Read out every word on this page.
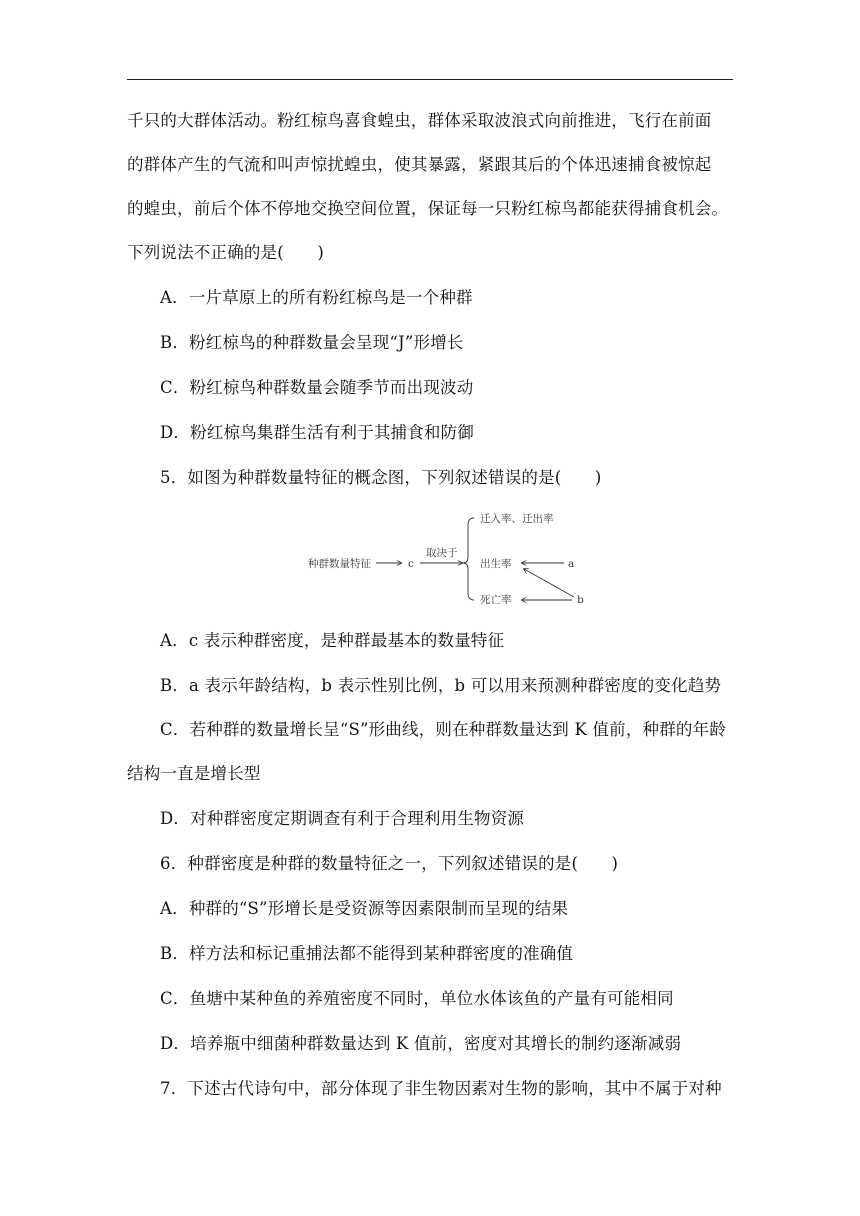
千只的大群体活动。粉红椋鸟喜食蝗虫，群体采取波浪式向前推进，飞行在前面
的群体产生的气流和叫声惊扰蝗虫，使其暴露，紧跟其后的个体迅速捕食被惊起
的蝗虫，前后个体不停地交换空间位置，保证每一只粉红椋鸟都能获得捕食机会。
下列说法不正确的是(　　)
A．一片草原上的所有粉红椋鸟是一个种群
B．粉红椋鸟的种群数量会呈现“J”形增长
C．粉红椋鸟种群数量会随季节而出现波动
D．粉红椋鸟集群生活有利于其捕食和防御
5．如图为种群数量特征的概念图，下列叙述错误的是(　　)
种群数量特征	c
取决于
迁入率、迁出率
出生率
死亡率
a
b
A．c 表示种群密度，是种群最基本的数量特征
B．a 表示年龄结构，b 表示性别比例，b 可以用来预测种群密度的变化趋势
C．若种群的数量增长呈“S”形曲线，则在种群数量达到 K 值前，种群的年龄
结构一直是增长型
D．对种群密度定期调查有利于合理利用生物资源
6．种群密度是种群的数量特征之一，下列叙述错误的是(　　)
A．种群的“S”形增长是受资源等因素限制而呈现的结果
B．样方法和标记重捕法都不能得到某种群密度的准确值
C．鱼塘中某种鱼的养殖密度不同时，单位水体该鱼的产量有可能相同
D．培养瓶中细菌种群数量达到 K 值前，密度对其增长的制约逐渐减弱
7．下述古代诗句中，部分体现了非生物因素对生物的影响，其中不属于对种
